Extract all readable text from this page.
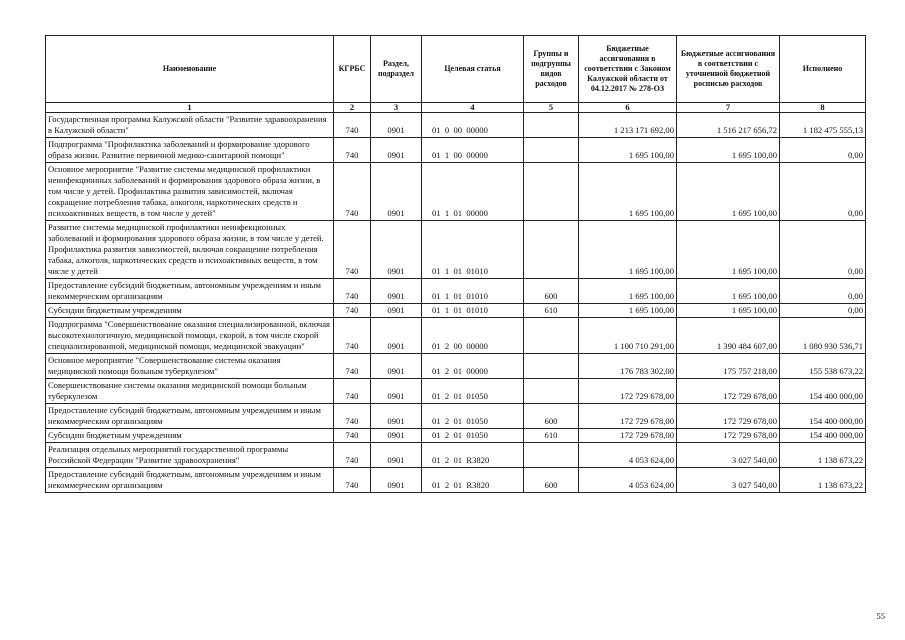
Наименование	КГРБС	Раздел, подраздел	Целевая статья	Группы и подгруппы видов расходов	Бюджетные ассигнования в соответствии с Законом Калужской области от 04.12.2017 № 278-ОЗ	Бюджетные ассигнования в соответствии с уточненной бюджетной росписью расходов	Исполнено
1	2	3	4	5	6	7	8
Государственная программа Калужской области "Развитие здравоохранения в Калужской области"	740	0901	01  0  00  00000		1 213 171 692,00	1 516 217 656,72	1 182 475 555,13
Подпрограмма "Профилактика заболеваний и формирование здорового образа жизни. Развитие первичной медико-санитарной помощи"	740	0901	01  1  00  00000		1 695 100,00	1 695 100,00	0,00
Основное мероприятие "Развитие системы медицинской профилактики неинфекционных заболеваний и формирования здорового образа жизни, в том числе у детей. Профилактика развития зависимостей, включая сокращение потребления табака, алкоголя, наркотических средств и психоактивных веществ, в том числе у детей"	740	0901	01  1  01  00000		1 695 100,00	1 695 100,00	0,00
Развитие системы медицинской профилактики неинфекционных заболеваний и формирования здорового образа жизни, в том числе у детей. Профилактика развития зависимостей, включая сокращение потребления табака, алкоголя, наркотических средств и психоактивных веществ, в том числе у детей	740	0901	01  1  01  01010		1 695 100,00	1 695 100,00	0,00
Предоставление субсидий бюджетным, автономным учреждениям и иным некоммерческим организациям	740	0901	01  1  01  01010	600	1 695 100,00	1 695 100,00	0,00
Субсидии бюджетным учреждениям	740	0901	01  1  01  01010	610	1 695 100,00	1 695 100,00	0,00
Подпрограмма "Совершенствование оказания специализированной, включая высокотехнологичную, медицинской помощи, скорой, в том числе скорой специализированной, медицинской помощи, медицинской эвакуации"	740	0901	01  2  00  00000		1 100 710 291,00	1 390 484 607,00	1 080 930 536,71
Основное мероприятие "Совершенствование системы оказания медицинской помощи больным туберкулезом"	740	0901	01  2  01  00000		176 783 302,00	175 757 218,00	155 538 673,22
Совершенствование системы оказания медицинской помощи больным туберкулезом	740	0901	01  2  01  01050		172 729 678,00	172 729 678,00	154 400 000,00
Предоставление субсидий бюджетным, автономным учреждениям и иным некоммерческим организациям	740	0901	01  2  01  01050	600	172 729 678,00	172 729 678,00	154 400 000,00
Субсидии бюджетным учреждениям	740	0901	01  2  01  01050	610	172 729 678,00	172 729 678,00	154 400 000,00
Реализация отдельных мероприятий государственной программы Российской Федерации "Развитие здравоохранения"	740	0901	01  2  01  R3820		4 053 624,00	3 027 540,00	1 138 673,22
Предоставление субсидий бюджетным, автономным учреждениям и иным некоммерческим организациям	740	0901	01  2  01  R3820	600	4 053 624,00	3 027 540,00	1 138 673,22
55
